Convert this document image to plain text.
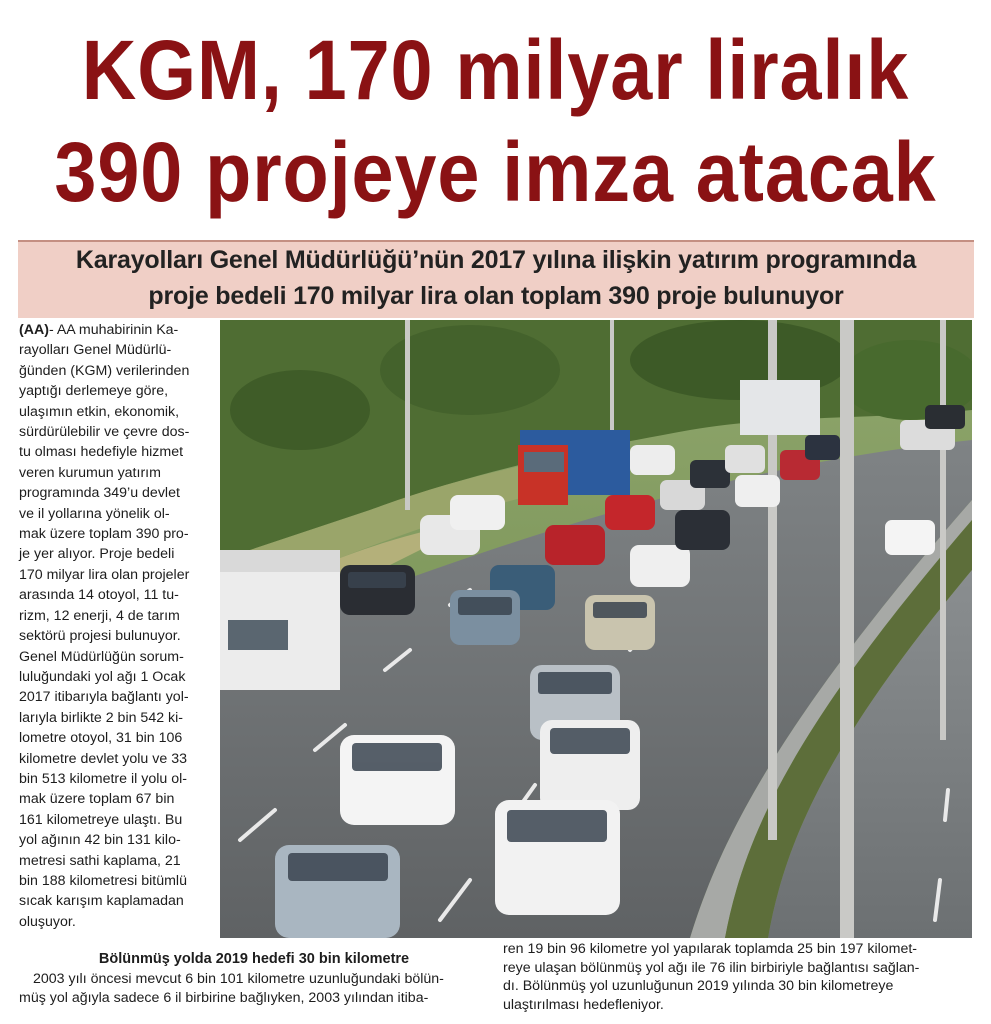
KGM, 170 milyar liralık
390 projeye imza atacak
Karayolları Genel Müdürlüğü’nün 2017 yılına ilişkin yatırım programında
proje bedeli 170 milyar lira olan toplam 390 proje bulunuyor
(AA)- AA muhabirinin Ka-
rayolları Genel Müdürlü-
ğünden (KGM) verilerinden
yaptığı derlemeye göre,
ulaşımın etkin, ekonomik,
sürdürülebilir ve çevre dos-
tu olması hedefiyle hizmet
veren kurumun yatırım
programında 349’u devlet
ve il yollarına yönelik ol-
mak üzere toplam 390 pro-
je yer alıyor. Proje bedeli
170 milyar lira olan projeler
arasında 14 otoyol, 11 tu-
rizm, 12 enerji, 4 de tarım
sektörü projesi bulunuyor.
Genel Müdürlüğün sorum-
luluğundaki yol ağı 1 Ocak
2017 itibarıyla bağlantı yol-
larıyla birlikte 2 bin 542 ki-
lometre otoyol, 31 bin 106
kilometre devlet yolu ve 33
bin 513 kilometre il yolu ol-
mak üzere toplam 67 bin
161 kilometreye ulaştı. Bu
yol ağının 42 bin 131 kilo-
metresi sathi kaplama, 21
bin 188 kilometresi bitümlü
sıcak karışım kaplamadan
oluşuyor.
Bölünmüş yolda 2019 hedefi 30 bin kilometre
2003 yılı öncesi mevcut 6 bin 101 kilometre uzunluğundaki bölün-
müş yol ağıyla sadece 6 il birbirine bağlıyken, 2003 yılından itiba-
ren 19 bin 96 kilometre yol yapılarak toplamda 25 bin 197 kilomet-
reye ulaşan bölünmüş yol ağı ile 76 ilin birbiriyle bağlantısı sağlan-
dı. Bölünmüş yol uzunluğunun 2019 yılında 30 bin kilometreye
ulaştırılması hedefleniyor.
